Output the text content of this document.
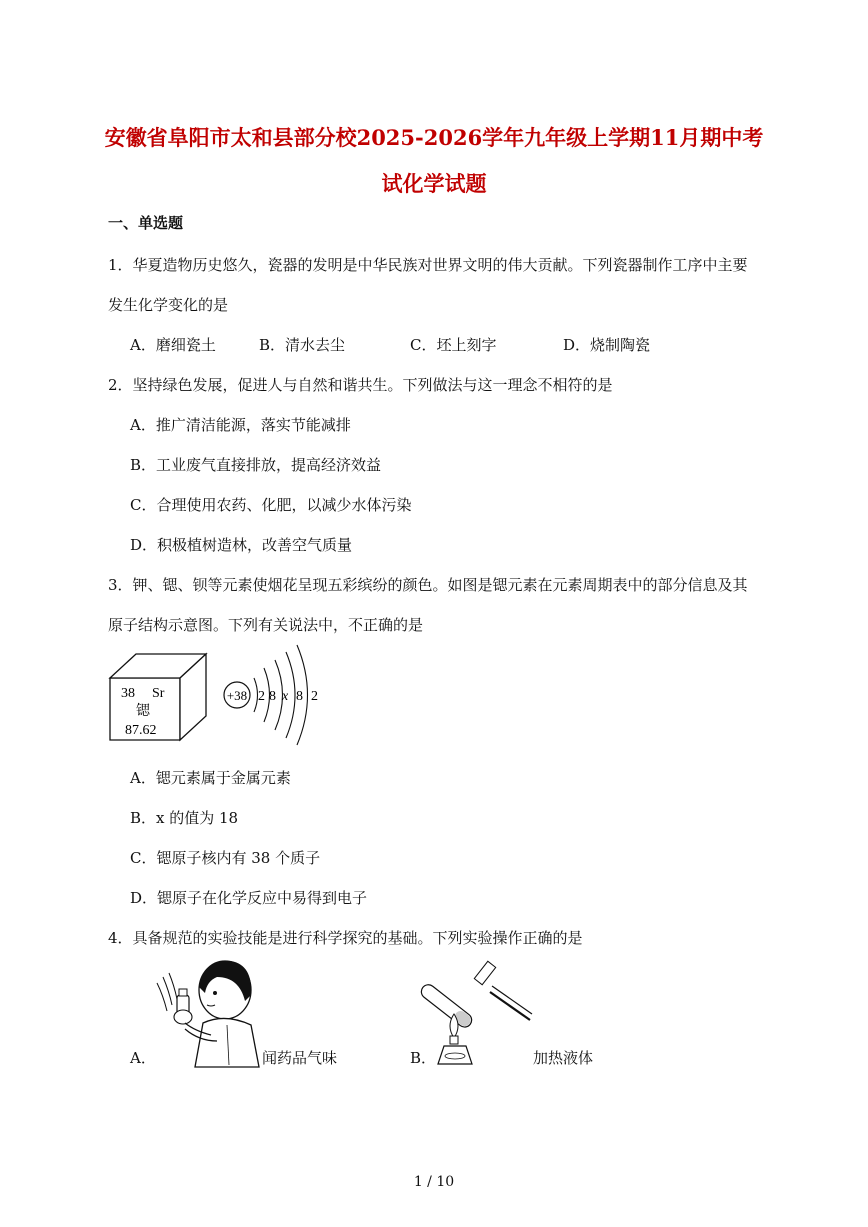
安徽省阜阳市太和县部分校2025-2026学年九年级上学期11月期中考
试化学试题
一、单选题
1．华夏造物历史悠久，瓷器的发明是中华民族对世界文明的伟大贡献。下列瓷器制作工序中主要
发生化学变化的是
A．磨细瓷土	B．清水去尘	C．坯上刻字	D．烧制陶瓷
2．坚持绿色发展，促进人与自然和谐共生。下列做法与这一理念不相符的是
A．推广清洁能源，落实节能减排
B．工业废气直接排放，提高经济效益
C．合理使用农药、化肥，以减少水体污染
D．积极植树造林，改善空气质量
3．钾、锶、钡等元素使烟花呈现五彩缤纷的颜色。如图是锶元素在元素周期表中的部分信息及其
原子结构示意图。下列有关说法中，不正确的是
38 Sr
锶
87.62
+38 2 8 x 8 2
A．锶元素属于金属元素
B．x 的值为 18
C．锶原子核内有 38 个质子
D．锶原子在化学反应中易得到电子
4．具备规范的实验技能是进行科学探究的基础。下列实验操作正确的是
A．	闻药品气味	B．	加热液体
1 / 10
